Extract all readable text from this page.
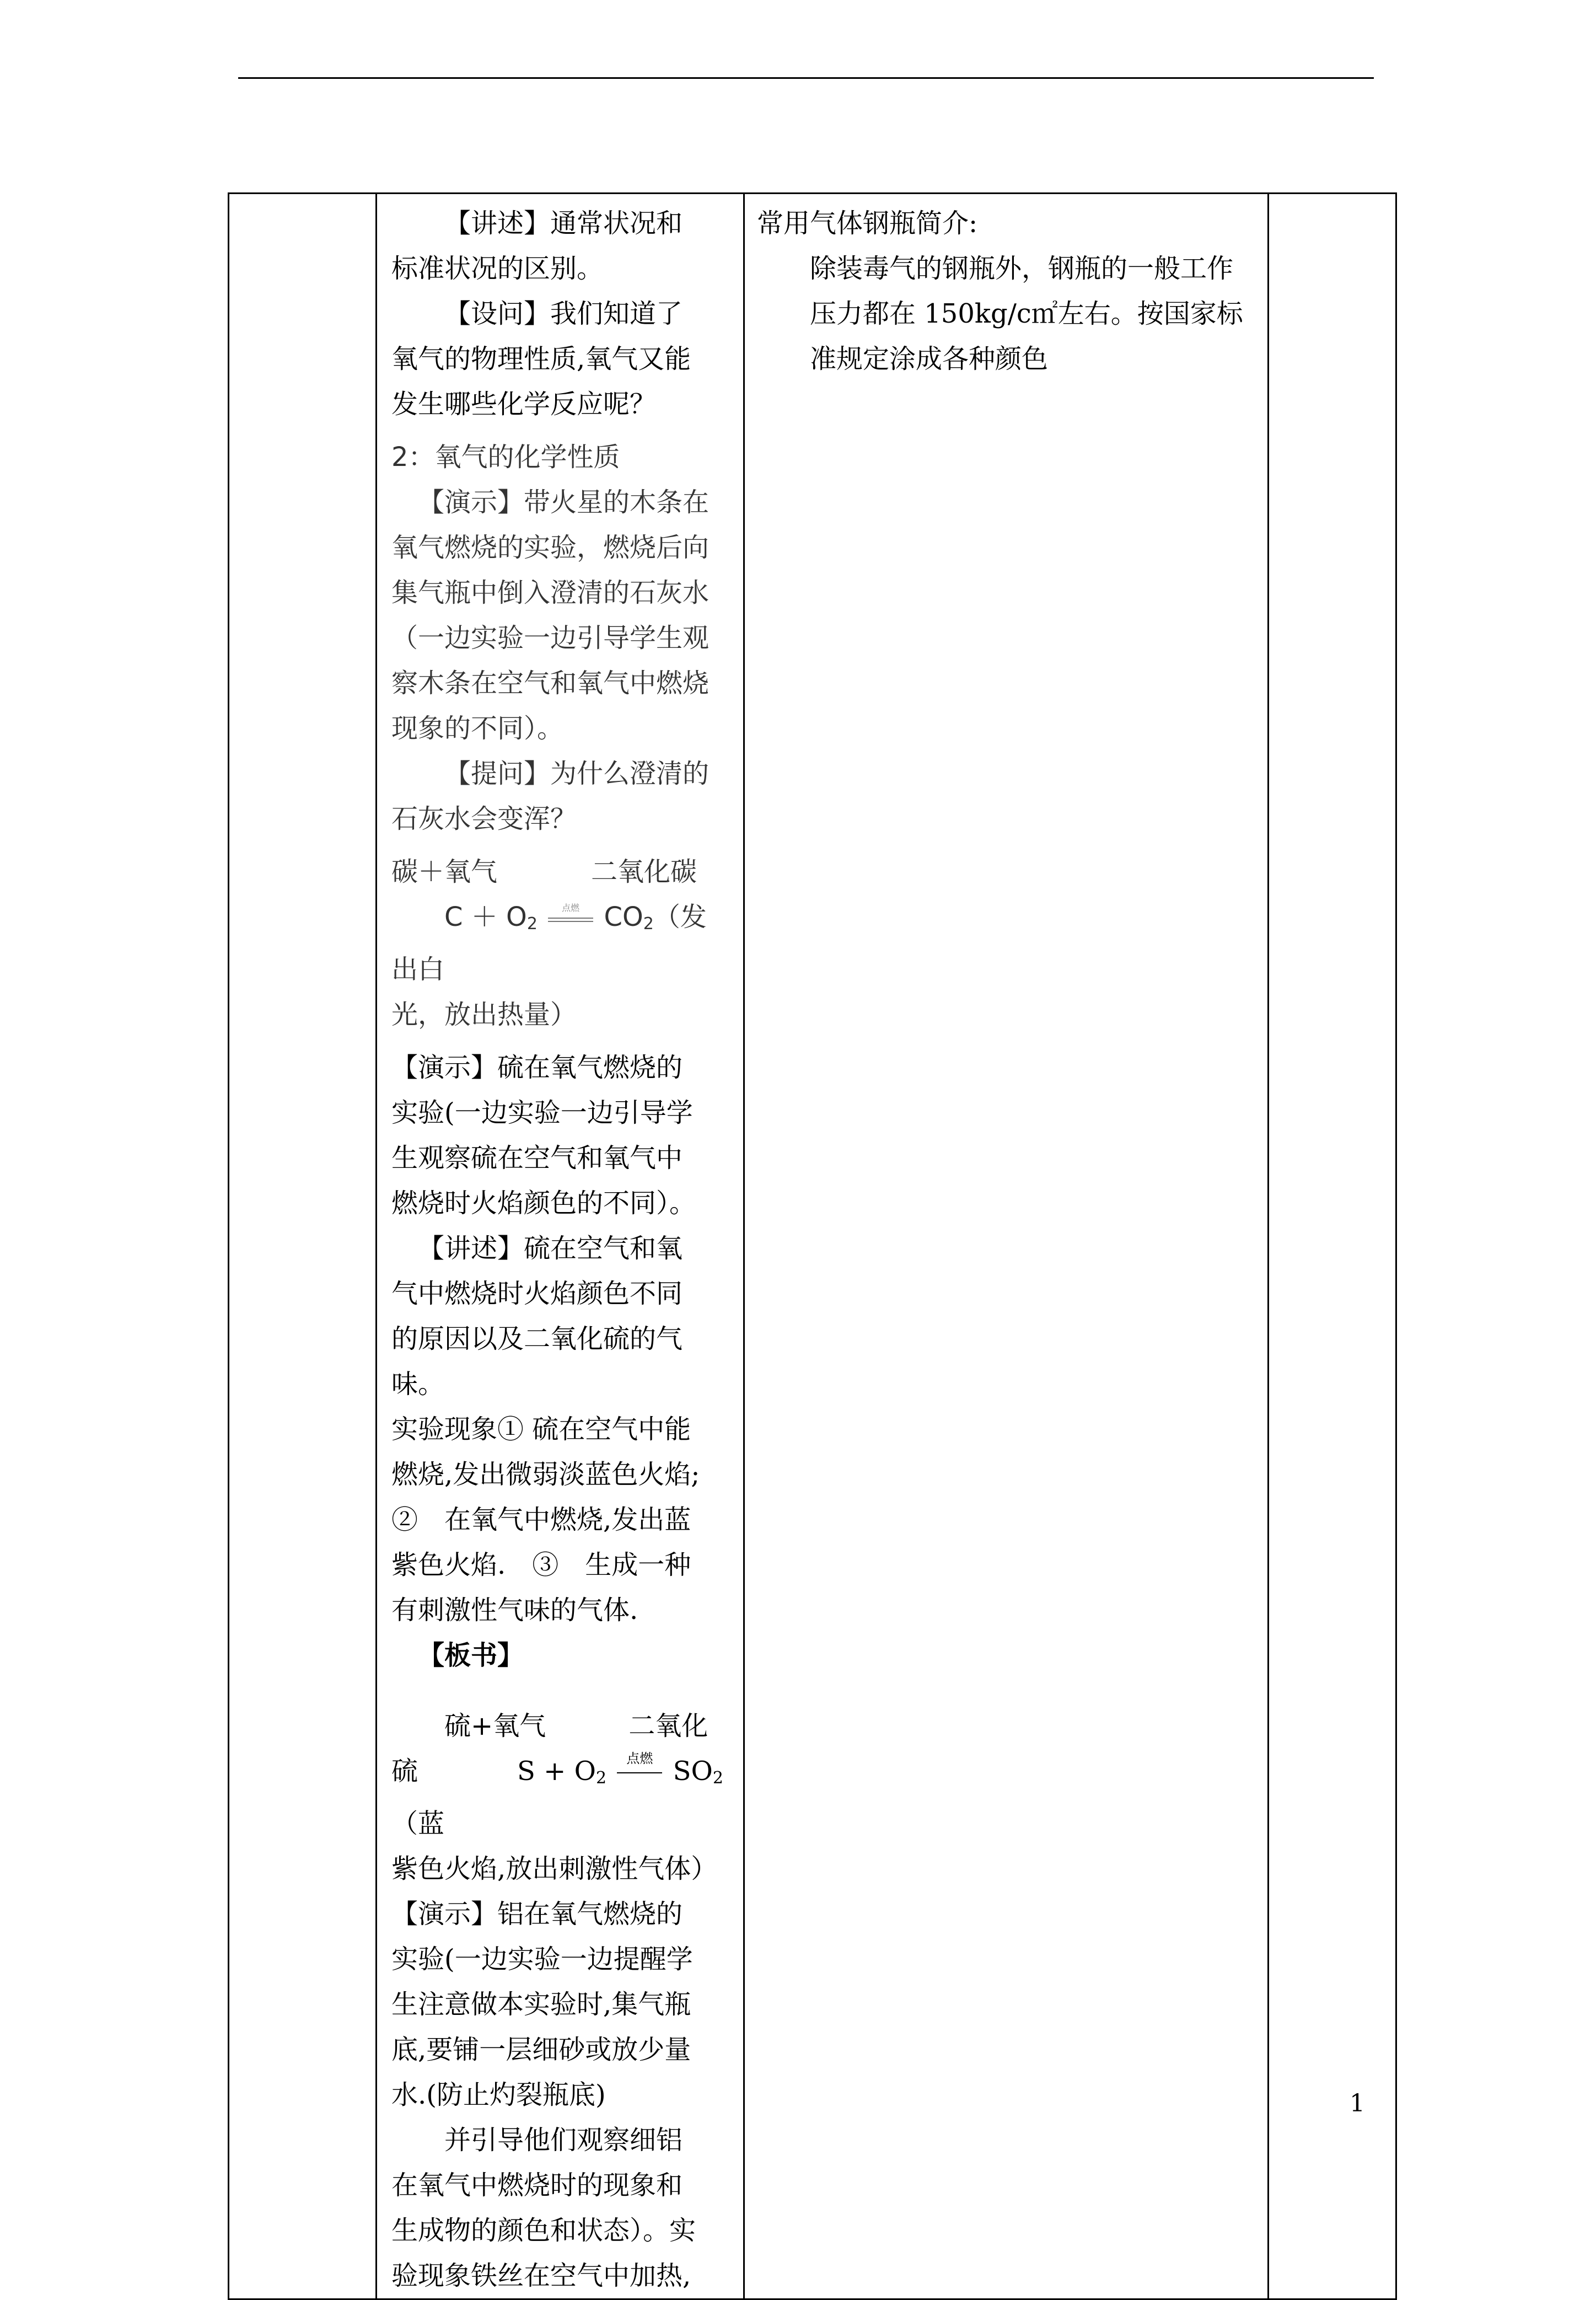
【讲述】通常状况和

标准状况的区别。

【设问】我们知道了

氧气的物理性质,氧气又能

发生哪些化学反应呢？

2：氧气的化学性质

【演示】带火星的木条在

氧气燃烧的实验，燃烧后向

集气瓶中倒入澄清的石灰水

（一边实验一边引导学生观

察木条在空气和氧气中燃烧

现象的不同）。

【提问】为什么澄清的

石灰水会变浑？

碳＋氧气	二氧化碳

$C + O_2$
点燃 $CO_2$（发出白

光，放出热量）

【演示】硫在氧气燃烧的

实验(一边实验一边引导学

生观察硫在空气和氧气中

燃烧时火焰颜色的不同）。

【讲述】硫在空气和氧

气中燃烧时火焰颜色不同

的原因以及二氧化硫的气

味。

实验现象① 硫在空气中能

燃烧,发出微弱淡蓝色火焰;

②　在氧气中燃烧,发出蓝

紫色火焰.　③　生成一种

有刺激性气味的气体.

【板书】

硫+氧气	二氧化

硫	$S + O_2$
点燃 $SO_2$（蓝

紫色火焰,放出刺激性气体）

【演示】铝在氧气燃烧的

实验(一边实验一边提醒学

生注意做本实验时,集气瓶

底,要铺一层细砂或放少量

水.(防止灼裂瓶底)

并引导他们观察细铝

在氧气中燃烧时的现象和

生成物的颜色和状态）。实

验现象铁丝在空气中加热,

常用气体钢瓶简介:

除装毒气的钢瓶外，钢瓶的一般工作

压力都在 150kg/c㎡左右。按国家标

准规定涂成各种颜色

1
